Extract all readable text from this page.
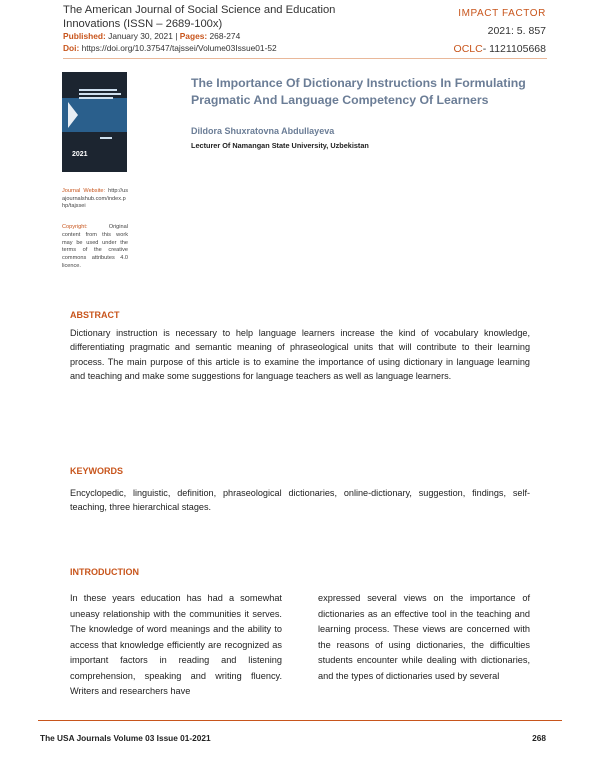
The American Journal of Social Science and Education Innovations (ISSN – 2689-100x)
Published: January 30, 2021 | Pages: 268-274
Doi: https://doi.org/10.37547/tajssei/Volume03Issue01-52
IMPACT FACTOR
2021: 5. 857
OCLC- 1121105668
2021
Journal Website: http://usajournalshub.com/index.php/tajssei
Copyright:	Original content from this work may be used under the terms of the creative commons attributes 4.0 licence.
The Importance Of Dictionary Instructions In Formulating Pragmatic And Language Competency Of Learners
Dildora Shuxratovna Abdullayeva
Lecturer Of Namangan State University, Uzbekistan
ABSTRACT
Dictionary instruction is necessary to help language learners increase the kind of vocabulary knowledge, differentiating pragmatic and semantic meaning of phraseological units that will contribute to their learning process. The main purpose of this article is to examine the importance of using dictionary in language learning and teaching and make some suggestions for language teachers as well as language learners.
KEYWORDS
Encyclopedic, linguistic, definition, phraseological dictionaries, online-dictionary, suggestion, findings, self-teaching, three hierarchical stages.
INTRODUCTION
In these years education has had a somewhat uneasy relationship with the communities it serves. The knowledge of word meanings and the ability to access that knowledge efficiently are recognized as important factors in reading and listening comprehension, speaking and writing fluency. Writers and researchers have
expressed several views on the importance of dictionaries as an effective tool in the teaching and learning process. These views are concerned with the reasons of using dictionaries, the difficulties students encounter while dealing with dictionaries, and the types of dictionaries used by several
The USA Journals Volume 03 Issue 01-2021	268
